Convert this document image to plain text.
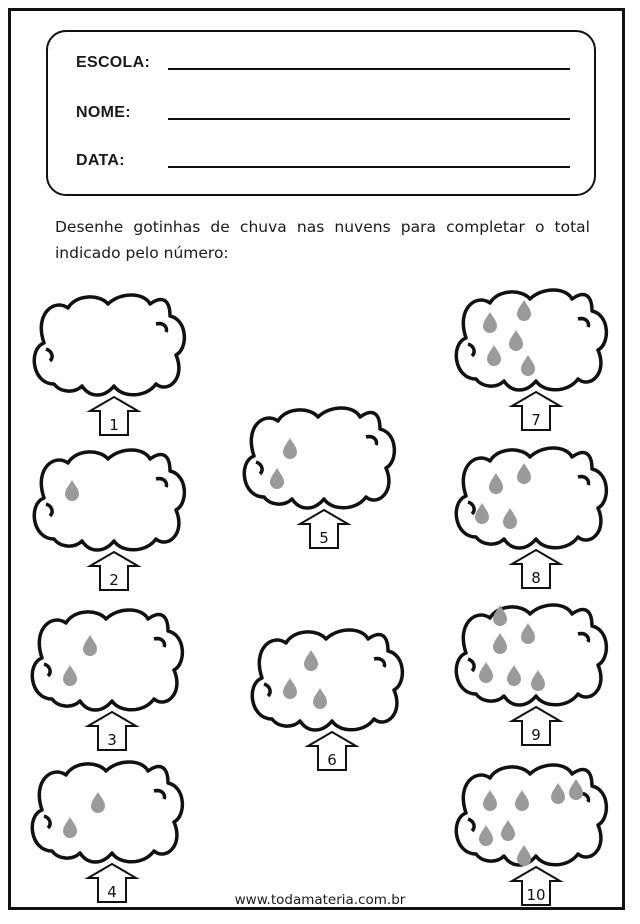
ESCOLA:
NOME:
DATA:
Desenhe gotinhas de chuva nas nuvens para completar o total indicado pelo número:
1
2
3
4
5
6
7
8
9
10
www.todamateria.com.br
